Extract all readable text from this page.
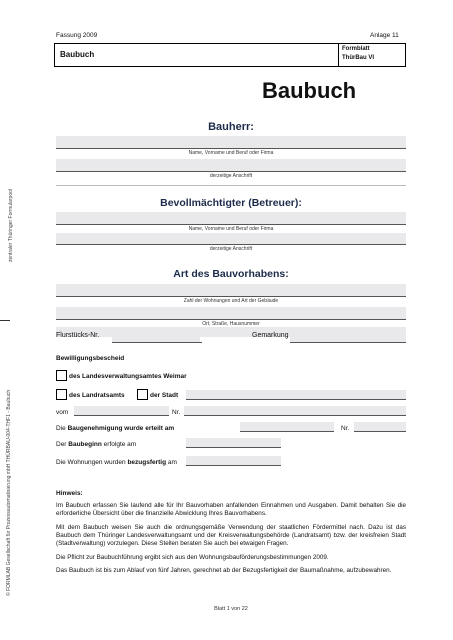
zentraler Thüringer Formularpool
© FORMLAB Gesellschaft für Prozessautomatisierung mbH THÜRBAU-004-THF1 - Baubuch
Fassung 2009	Anlage 11
Baubuch
Formblatt
ThürBau VI
Baubuch
Bauherr:
Name, Vorname und Beruf oder Firma
derzeitige Anschrift
Bevollmächtigter (Betreuer):
Name, Vorname und Beruf oder Firma
derzeitige Anschrift
Art des Bauvorhabens:
Zahl der Wohnungen und Art der Gebäude
Ort, Straße, Hausnummer
Flurstücks-Nr.	Gemarkung
Bewilligungsbescheid
des Landesverwaltungsamtes Weimar
des Landratsamts	der Stadt
vom	Nr.
Die Baugenehmigung wurde erteilt am	Nr.
Der Baubeginn erfolgte am
Die Wohnungen wurden bezugsfertig am
Hinweis:
Im Baubuch erfassen Sie laufend alle für Ihr Bauvorhaben anfallenden Einnahmen und Ausgaben. Damit behalten Sie die erforderliche Übersicht über die finanzielle Abwicklung Ihres Bauvorhabens.
Mit dem Baubuch weisen Sie auch die ordnungsgemäße Verwendung der staatlichen Fördermittel nach. Dazu ist das Baubuch dem Thüringer Landesverwaltungsamt und der Kreisverwaltungsbehörde (Landratsamt) bzw. der kreisfreien Stadt (Stadtverwaltung) vorzulegen. Diese Stellen beraten Sie auch bei etwaigen Fragen.
Die Pflicht zur Baubuchführung ergibt sich aus den Wohnungsbauförderungsbestimmungen 2009.
Das Baubuch ist bis zum Ablauf von fünf Jahren, gerechnet ab der Bezugsfertigkeit der Baumaßnahme, aufzubewahren.
Blatt 1 von 22
